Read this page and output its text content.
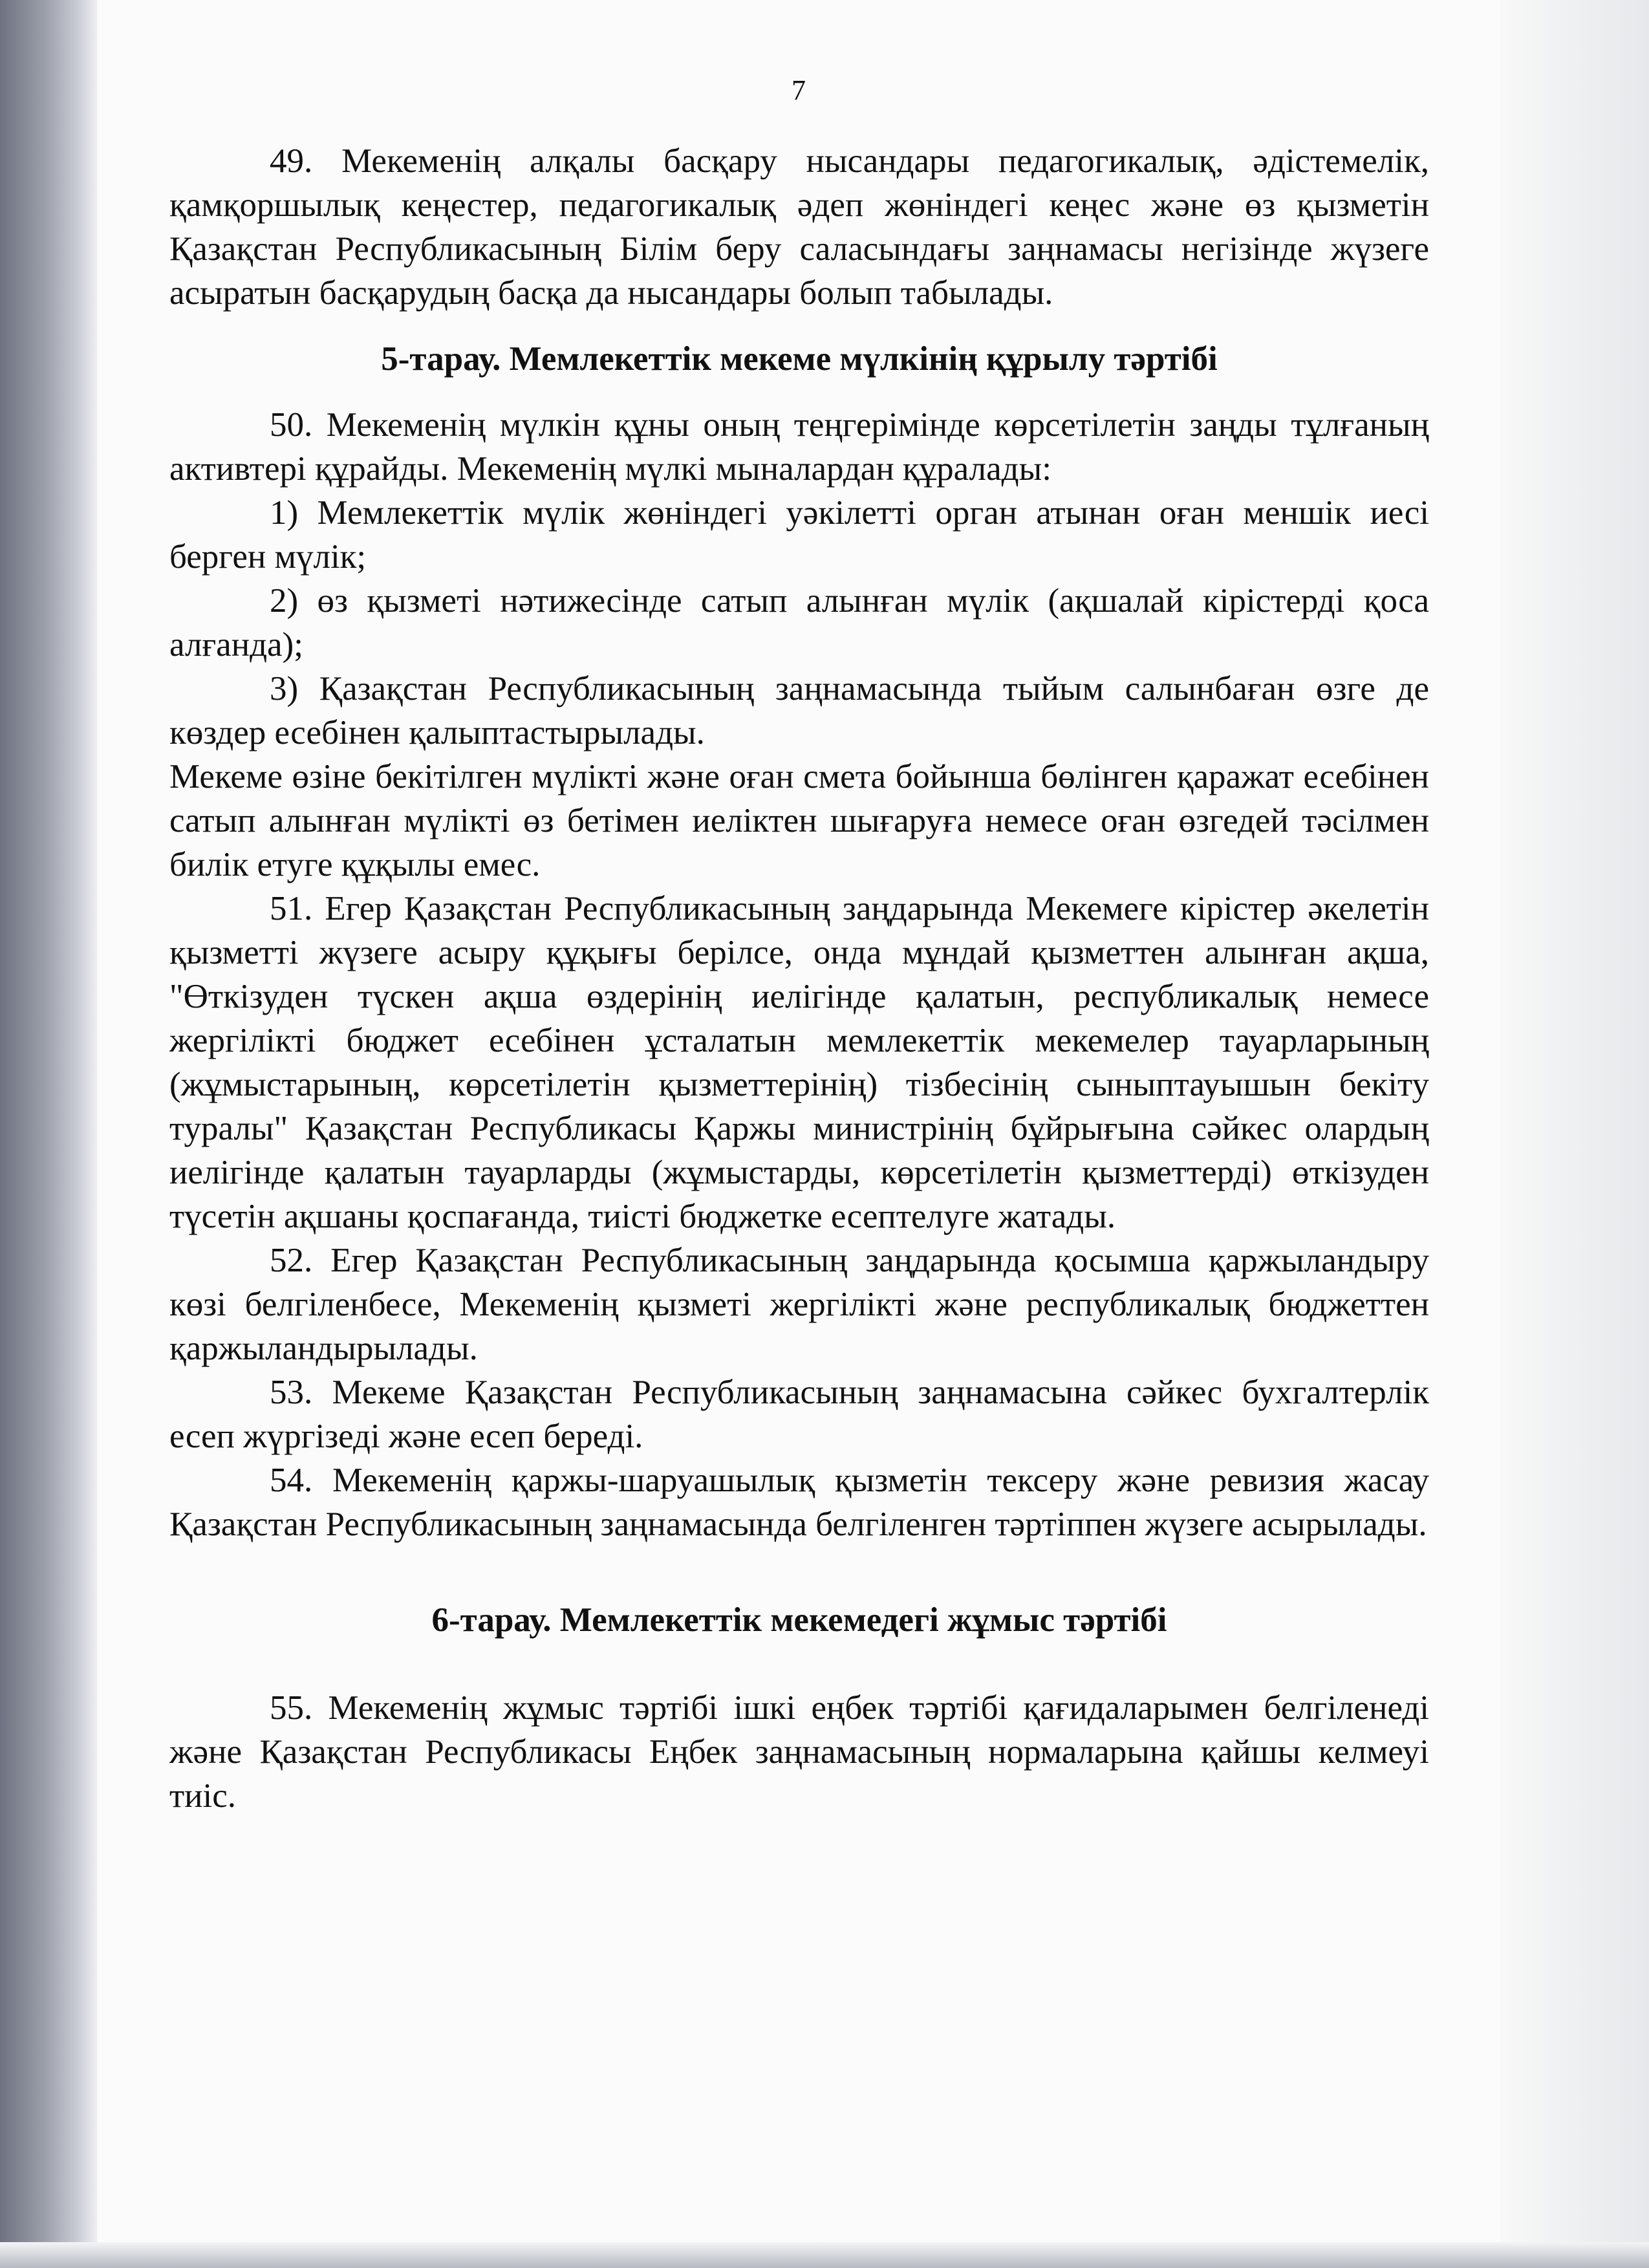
7

49. Мекеменің алқалы басқару нысандары педагогикалық, әдістемелік, қамқоршылық кеңестер, педагогикалық әдеп жөніндегі кеңес және өз қызметін Қазақстан Республикасының Білім беру саласындағы заңнамасы негізінде жүзеге асыратын басқарудың басқа да нысандары болып табылады.

5-тарау. Мемлекеттік мекеме мүлкінің құрылу тәртібі

50. Мекеменің мүлкін құны оның теңгерімінде көрсетілетін заңды тұлғаның активтері құрайды. Мекеменің мүлкі мыналардан құралады:

1) Мемлекеттік мүлік жөніндегі уәкілетті орган атынан оған меншік иесі берген мүлік;

2) өз қызметі нәтижесінде сатып алынған мүлік (ақшалай кірістерді қоса алғанда);

3) Қазақстан Республикасының заңнамасында тыйым салынбаған өзге де көздер есебінен қалыптастырылады.

Мекеме өзіне бекітілген мүлікті және оған смета бойынша бөлінген қаражат есебінен сатып алынған мүлікті өз бетімен иеліктен шығаруға немесе оған өзгедей тәсілмен билік етуге құқылы емес.

51. Егер Қазақстан Республикасының заңдарында Мекемеге кірістер әкелетін қызметті жүзеге асыру құқығы берілсе, онда мұндай қызметтен алынған ақша, "Өткізуден түскен ақша өздерінің иелігінде қалатын, республикалық немесе жергілікті бюджет есебінен ұсталатын мемлекеттік мекемелер тауарларының (жұмыстарының, көрсетілетін қызметтерінің) тізбесінің сыныптауышын бекіту туралы" Қазақстан Республикасы Қаржы министрінің бұйрығына сәйкес олардың иелігінде қалатын тауарларды (жұмыстарды, көрсетілетін қызметтерді) өткізуден түсетін ақшаны қоспағанда, тиісті бюджетке есептелуге жатады.

52. Егер Қазақстан Республикасының заңдарында қосымша қаржыландыру көзі белгіленбесе, Мекеменің қызметі жергілікті және республикалық бюджеттен қаржыландырылады.

53. Мекеме Қазақстан Республикасының заңнамасына сәйкес бухгалтерлік есеп жүргізеді және есеп береді.

54. Мекеменің қаржы-шаруашылық қызметін тексеру және ревизия жасау Қазақстан Республикасының заңнамасында белгіленген тәртіппен жүзеге асырылады.

6-тарау. Мемлекеттік мекемедегі жұмыс тәртібі

55. Мекеменің жұмыс тәртібі ішкі еңбек тәртібі қағидаларымен белгіленеді және Қазақстан Республикасы Еңбек заңнамасының нормаларына қайшы келмеуі тиіс.
